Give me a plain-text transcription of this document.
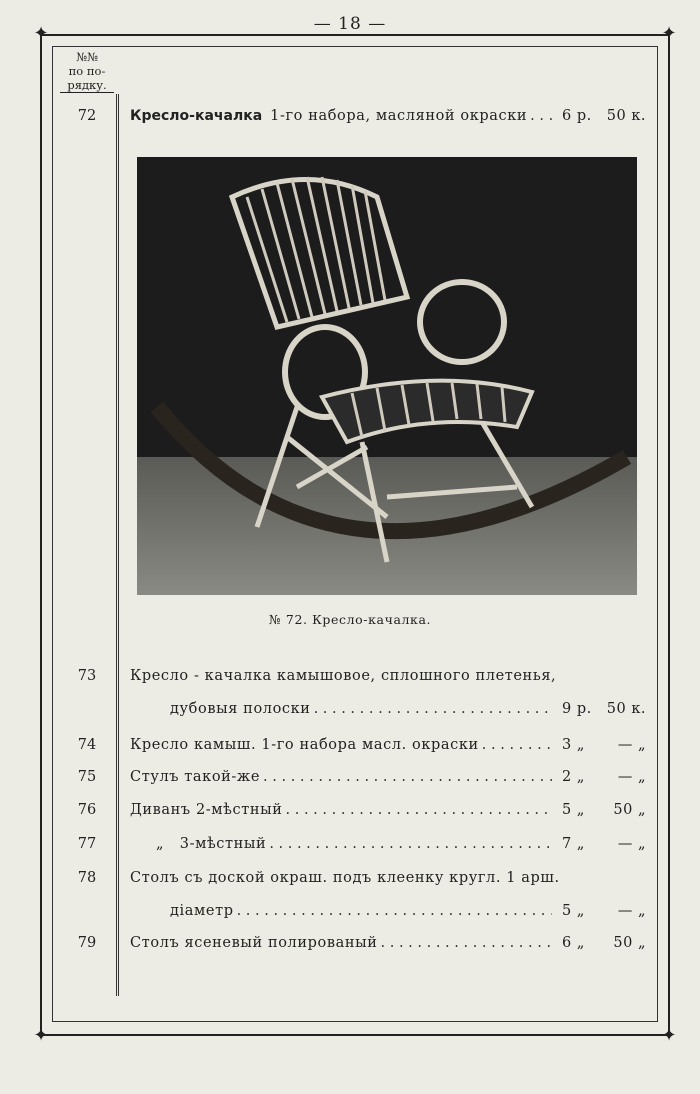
— 18 —
✦	✦
✦	✦
№№
по по-
рядку.
72	Кресло-качалка 1-го набора, масляной окраски . . . 6 р. 50 к.
№ 72. Кресло-качалка.
73	Кресло - качалка камышовое, сплошного плетенья,
дубовыя полоски . . .	9 р. 50 к.
74	Кресло камыш. 1-го набора масл. окраски . . .	3 „ — „
75	Стулъ такой-же . . .	2 „ — „
76	Диванъ 2-мѣстный . . .	5 „ 50 „
77	„   3-мѣстный . . .	7 „ — „
78	Столъ съ доской окраш. подъ клеенку кругл. 1 арш.
діаметр . . .	5 „ — „
79	Столъ ясеневый полированый . . .	6 „ 50 „
